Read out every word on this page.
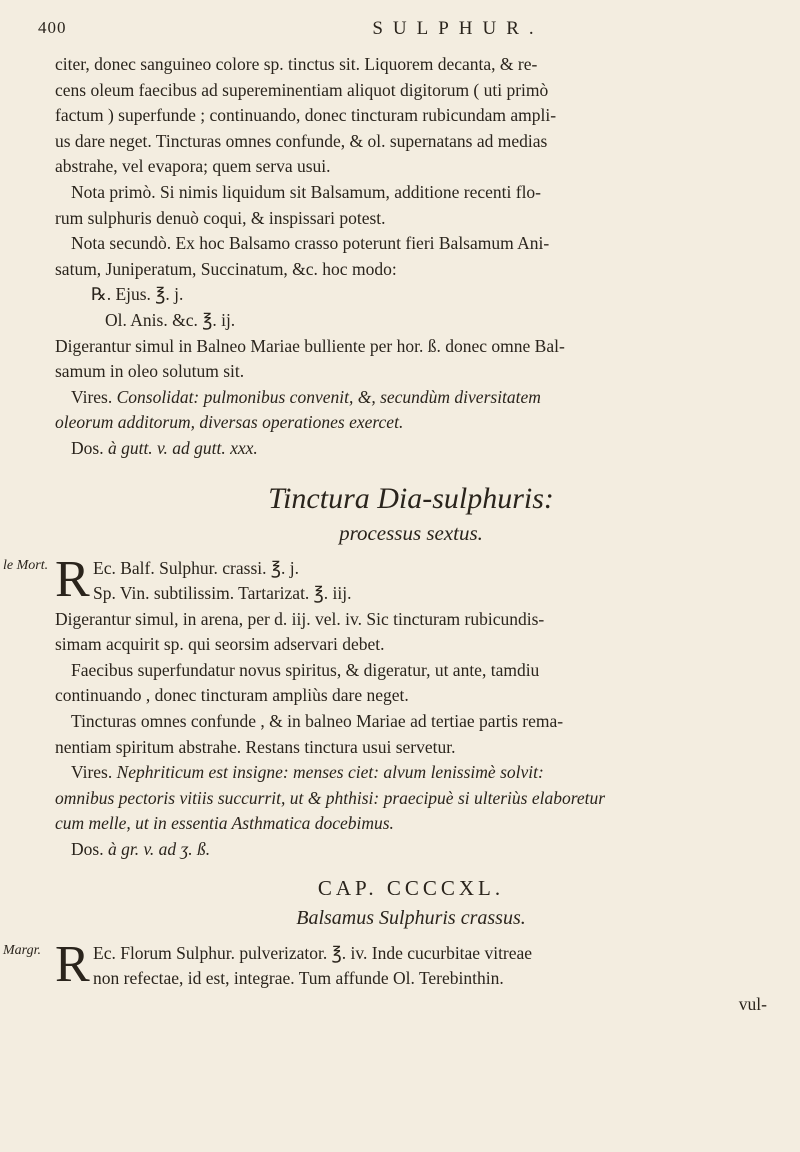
400	SULPHUR.
citer, donec sanguineo colore sp. tinctus sit. Liquorem decanta, & re-
cens oleum faecibus ad supereminentiam aliquot digitorum ( uti primò
factum ) superfunde ; continuando, donec tincturam rubicundam ampli-
us dare neget. Tincturas omnes confunde, & ol. supernatans ad medias
abstrahe, vel evapora; quem serva usui.
Nota primò. Si nimis liquidum sit Balsamum, additione recenti flo-
rum sulphuris denuò coqui, & inspissari potest.
Nota secundò. Ex hoc Balsamo crasso poterunt fieri Balsamum Ani-
satum, Juniperatum, Succinatum, &c. hoc modo:
℞. Ejus. ℥. j.
Ol. Anis. &c. ℥. ij.
Digerantur simul in Balneo Mariae bulliente per hor. ß. donec omne Bal-
samum in oleo solutum sit.
Vires. Consolidat: pulmonibus convenit, &, secundùm diversitatem
oleorum additorum, diversas operationes exercet.
Dos. à gutt. v. ad gutt. xxx.
Tinctura Dia-sulphuris:
processus sextus.
le Mort. R Ec. Balf. Sulphur. crassi. ℥. j.
Sp. Vin. subtilissim. Tartarizat. ℥. iij.
Digerantur simul, in arena, per d. iij. vel. iv. Sic tincturam rubicundis-
simam acquirit sp. qui seorsim adservari debet.
Faecibus superfundatur novus spiritus, & digeratur, ut ante, tamdiu
continuando , donec tincturam ampliùs dare neget.
Tincturas omnes confunde , & in balneo Mariae ad tertiae partis rema-
nentiam spiritum abstrahe. Restans tinctura usui servetur.
Vires. Nephriticum est insigne: menses ciet: alvum lenissimè solvit:
omnibus pectoris vitiis succurrit, ut & phthisi: praecipuè si ulteriùs elaboretur
cum melle, ut in essentia Asthmatica docebimus.
Dos. à gr. v. ad ʒ. ß.
CAP. CCCCXL.
Balsamus Sulphuris crassus.
Margr. R Ec. Florum Sulphur. pulverizator. ℥. iv. Inde cucurbitae vitreae
non refectae, id est, integrae. Tum affunde Ol. Terebinthin.
vul-
